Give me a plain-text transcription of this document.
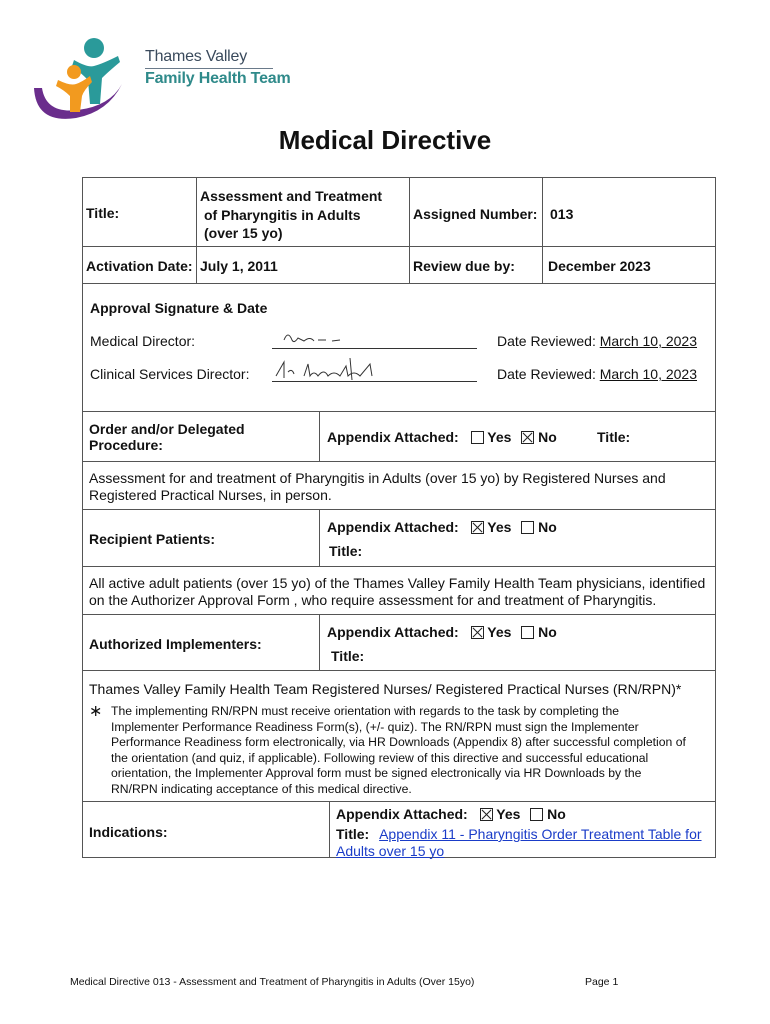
Thames Valley
Family Health Team
Medical Directive
Title:
Assessment and Treatment
of Pharyngitis in Adults
(over 15 yo)
Assigned Number: 013
Activation Date: July 1, 2011	Review due by: December 2023
Approval Signature & Date
Medical Director:	Date Reviewed: March 10, 2023
Clinical Services Director:	Date Reviewed: March 10, 2023
Order and/or Delegated
Procedure:	Appendix Attached: Yes No	Title:
Assessment for and treatment of Pharyngitis in Adults (over 15 yo) by Registered Nurses and
Registered Practical Nurses, in person.
Recipient Patients:
Appendix Attached: Yes No
Title:
All active adult patients (over 15 yo) of the Thames Valley Family Health Team physicians, identified
on the Authorizer Approval Form , who require assessment for and treatment of Pharyngitis.
Authorized Implementers:
Appendix Attached: Yes No
Title:
Thames Valley Family Health Team Registered Nurses/ Registered Practical Nurses (RN/RPN)*
∗ The implementing RN/RPN must receive orientation with regards to the task by completing the
Implementer Performance Readiness Form(s), (+/- quiz). The RN/RPN must sign the Implementer
Performance Readiness form electronically, via HR Downloads (Appendix 8) after successful completion of
the orientation (and quiz, if applicable). Following review of this directive and successful educational
orientation, the Implementer Approval form must be signed electronically via HR Downloads by the
RN/RPN indicating acceptance of this medical directive.
Indications:
Appendix Attached: Yes No
Title: Appendix 11 - Pharyngitis Order Treatment Table for
Adults over 15 yo
Medical Directive 013 - Assessment and Treatment of Pharyngitis in Adults (Over 15yo)	Page 1
